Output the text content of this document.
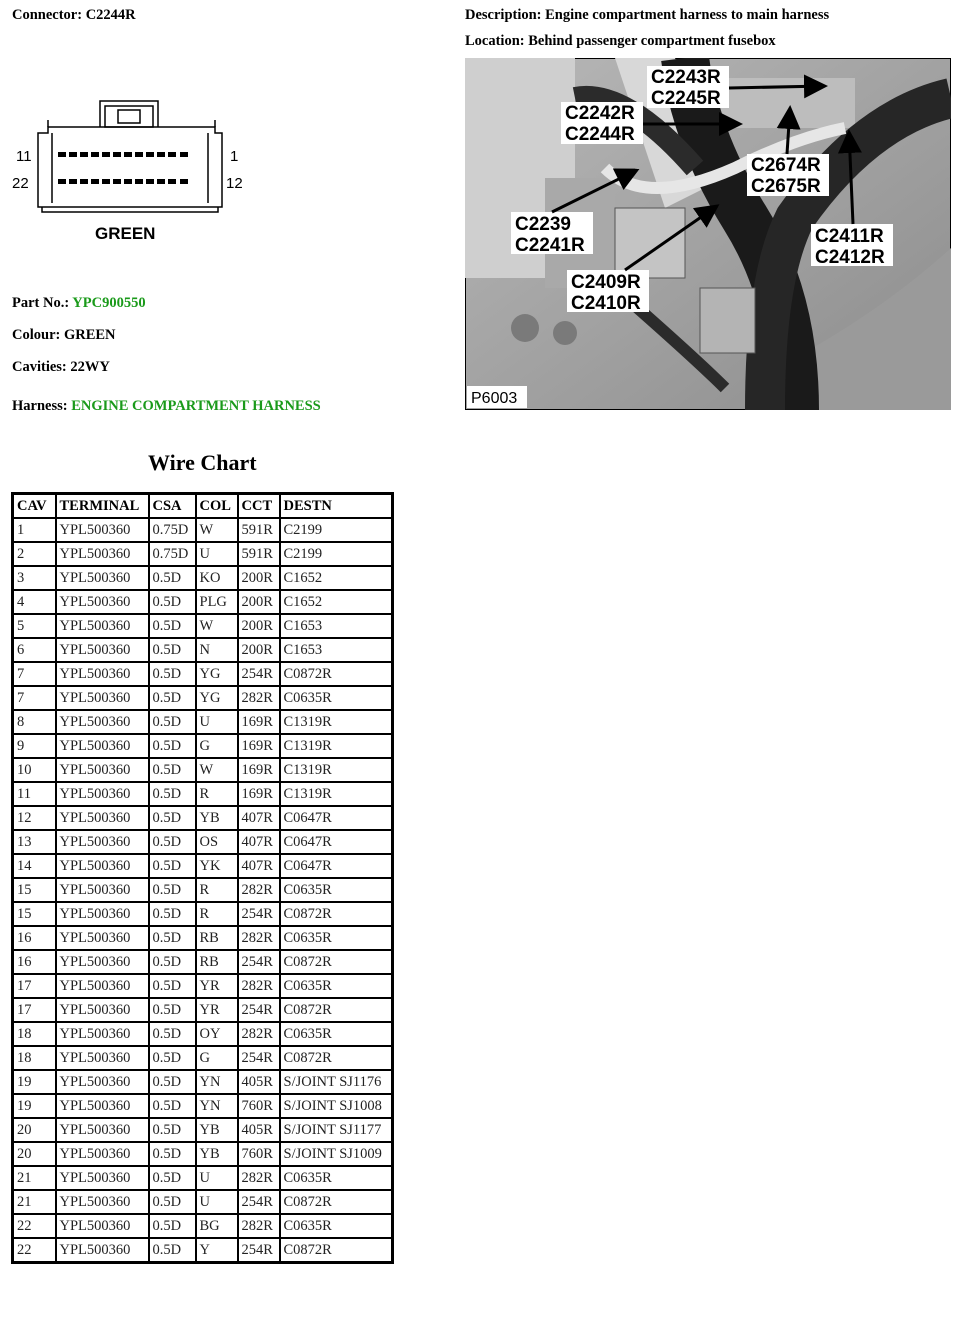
Connector: C2244R	Description: Engine compartment harness to main harness
Location: Behind passenger compartment fusebox
11	1
22	12
GREEN
C2243R
C2245R
C2242R
C2244R
C2674R
C2675R
C2239
C2241R	C2411R
C2412R
C2409R
C2410R
P6003
Part No.: YPC900550
Colour: GREEN
Cavities: 22WY
Harness: ENGINE COMPARTMENT HARNESS
Wire Chart
CAV	TERMINAL	CSA	COL	CCT	DESTN
1	YPL500360	0.75D	W	591R	C2199
2	YPL500360	0.75D	U	591R	C2199
3	YPL500360	0.5D	KO	200R	C1652
4	YPL500360	0.5D	PLG	200R	C1652
5	YPL500360	0.5D	W	200R	C1653
6	YPL500360	0.5D	N	200R	C1653
7	YPL500360	0.5D	YG	254R	C0872R
7	YPL500360	0.5D	YG	282R	C0635R
8	YPL500360	0.5D	U	169R	C1319R
9	YPL500360	0.5D	G	169R	C1319R
10	YPL500360	0.5D	W	169R	C1319R
11	YPL500360	0.5D	R	169R	C1319R
12	YPL500360	0.5D	YB	407R	C0647R
13	YPL500360	0.5D	OS	407R	C0647R
14	YPL500360	0.5D	YK	407R	C0647R
15	YPL500360	0.5D	R	282R	C0635R
15	YPL500360	0.5D	R	254R	C0872R
16	YPL500360	0.5D	RB	282R	C0635R
16	YPL500360	0.5D	RB	254R	C0872R
17	YPL500360	0.5D	YR	282R	C0635R
17	YPL500360	0.5D	YR	254R	C0872R
18	YPL500360	0.5D	OY	282R	C0635R
18	YPL500360	0.5D	G	254R	C0872R
19	YPL500360	0.5D	YN	405R	S/JOINT SJ1176
19	YPL500360	0.5D	YN	760R	S/JOINT SJ1008
20	YPL500360	0.5D	YB	405R	S/JOINT SJ1177
20	YPL500360	0.5D	YB	760R	S/JOINT SJ1009
21	YPL500360	0.5D	U	282R	C0635R
21	YPL500360	0.5D	U	254R	C0872R
22	YPL500360	0.5D	BG	282R	C0635R
22	YPL500360	0.5D	Y	254R	C0872R
